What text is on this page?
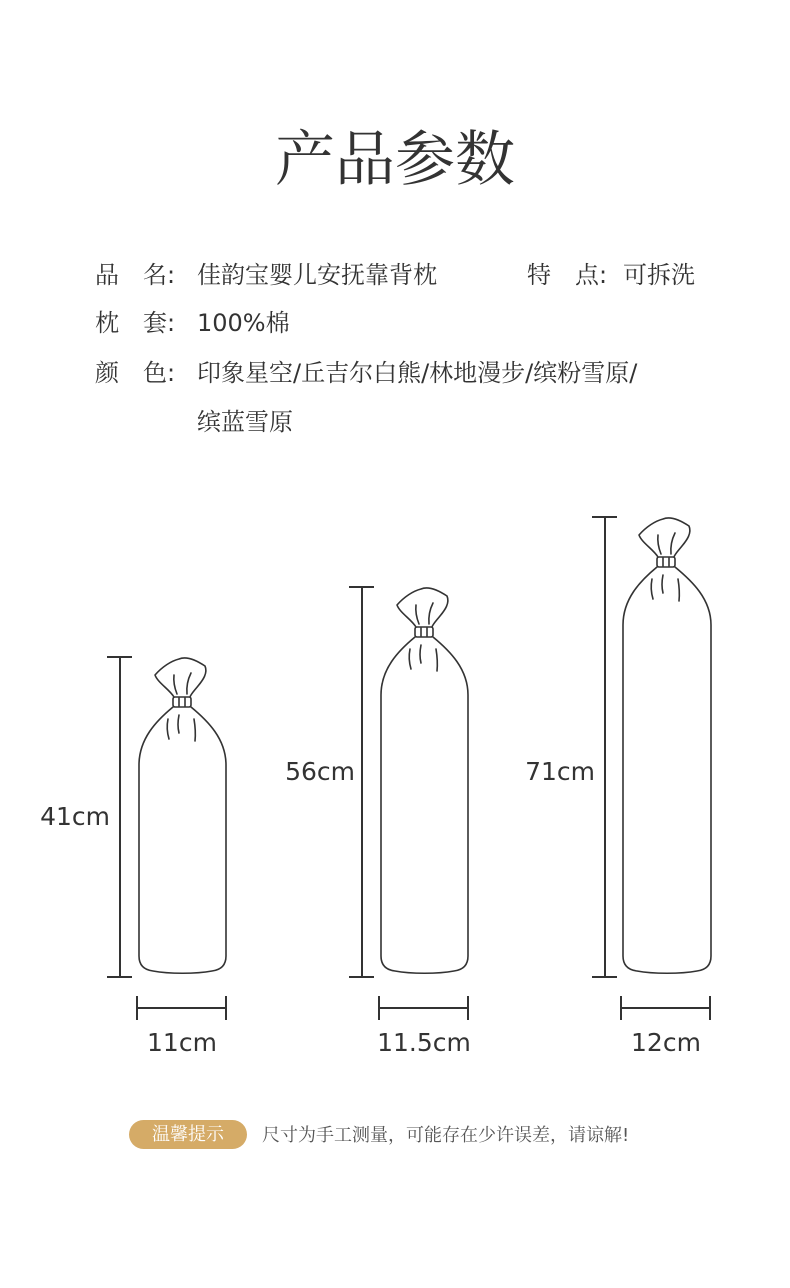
产品参数
品　名: 佳韵宝婴儿安抚靠背枕	特　点: 可拆洗
枕　套: 100%棉
颜　色: 印象星空/丘吉尔白熊/林地漫步/缤粉雪原/
缤蓝雪原
41cm
56cm	71cm
11cm	11.5cm	12cm
温馨提示	尺寸为手工测量，可能存在少许误差，请谅解!
